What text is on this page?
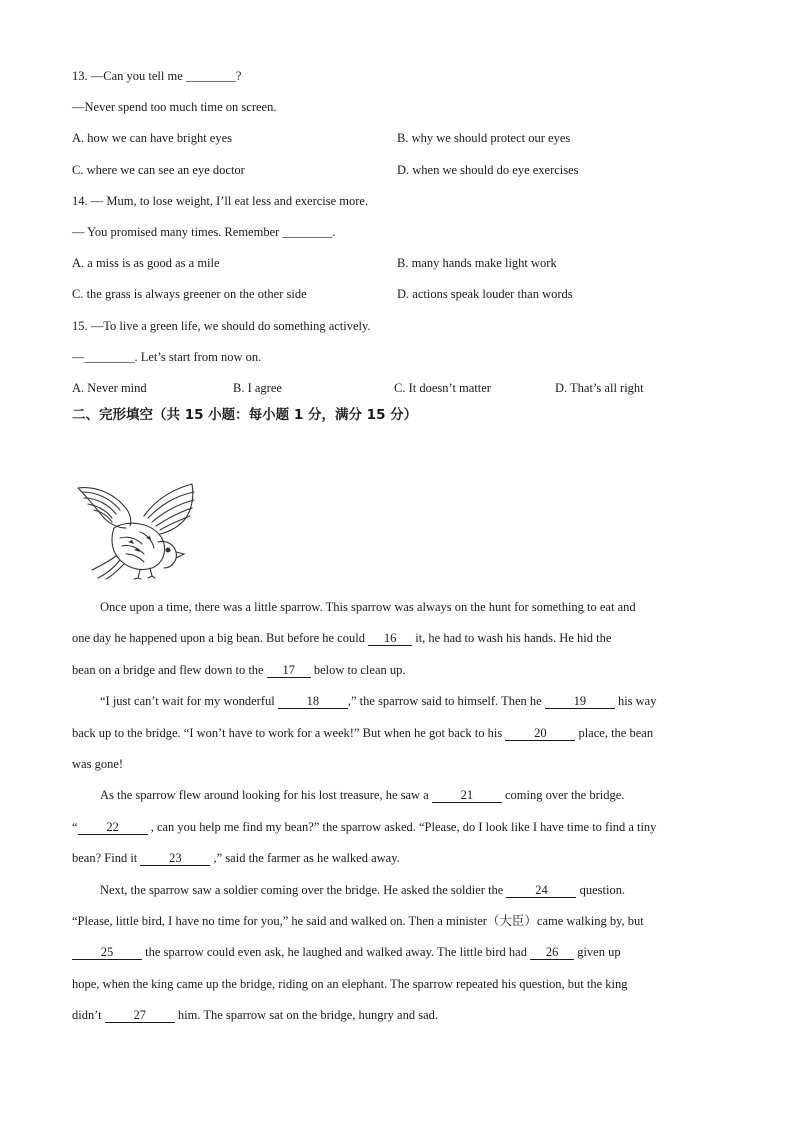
13. —Can you tell me ________?
—Never spend too much time on screen.
A. how we can have bright eyes	B. why we should protect our eyes
C. where we can see an eye doctor	D. when we should do eye exercises
14. — Mum, to lose weight, I’ll eat less and exercise more.
— You promised many times. Remember ________.
A. a miss is as good as a mile	B. many hands make light work
C. the grass is always greener on the other side	D. actions speak louder than words
15. —To live a green life, we should do something actively.
—________. Let’s start from now on.
A. Never mind	B. I agree	C. It doesn’t matter	D. That’s all right
二、完形填空（共 15 小题：每小题 1 分，满分 15 分）
Once upon a time, there was a little sparrow. This sparrow was always on the hunt for something to eat and
one day he happened upon a big bean. But before he could 16 it, he had to wash his hands. He hid the
bean on a bridge and flew down to the 17 below to clean up.
“I just can’t wait for my wonderful 18 ,” the sparrow said to himself. Then he 19 his way
back up to the bridge. “I won’t have to work for a week!” But when he got back to his 20 place, the bean
was gone!
As the sparrow flew around looking for his lost treasure, he saw a 21 coming over the bridge.
“ 22 , can you help me find my bean?” the sparrow asked. “Please, do I look like I have time to find a tiny
bean? Find it 23 ,” said the farmer as he walked away.
Next, the sparrow saw a soldier coming over the bridge. He asked the soldier the 24 question.
“Please, little bird, I have no time for you,” he said and walked on. Then a minister（大臣）came walking by, but
25 the sparrow could even ask, he laughed and walked away. The little bird had 26 given up
hope, when the king came up the bridge, riding on an elephant. The sparrow repeated his question, but the king
didn’t 27 him. The sparrow sat on the bridge, hungry and sad.
